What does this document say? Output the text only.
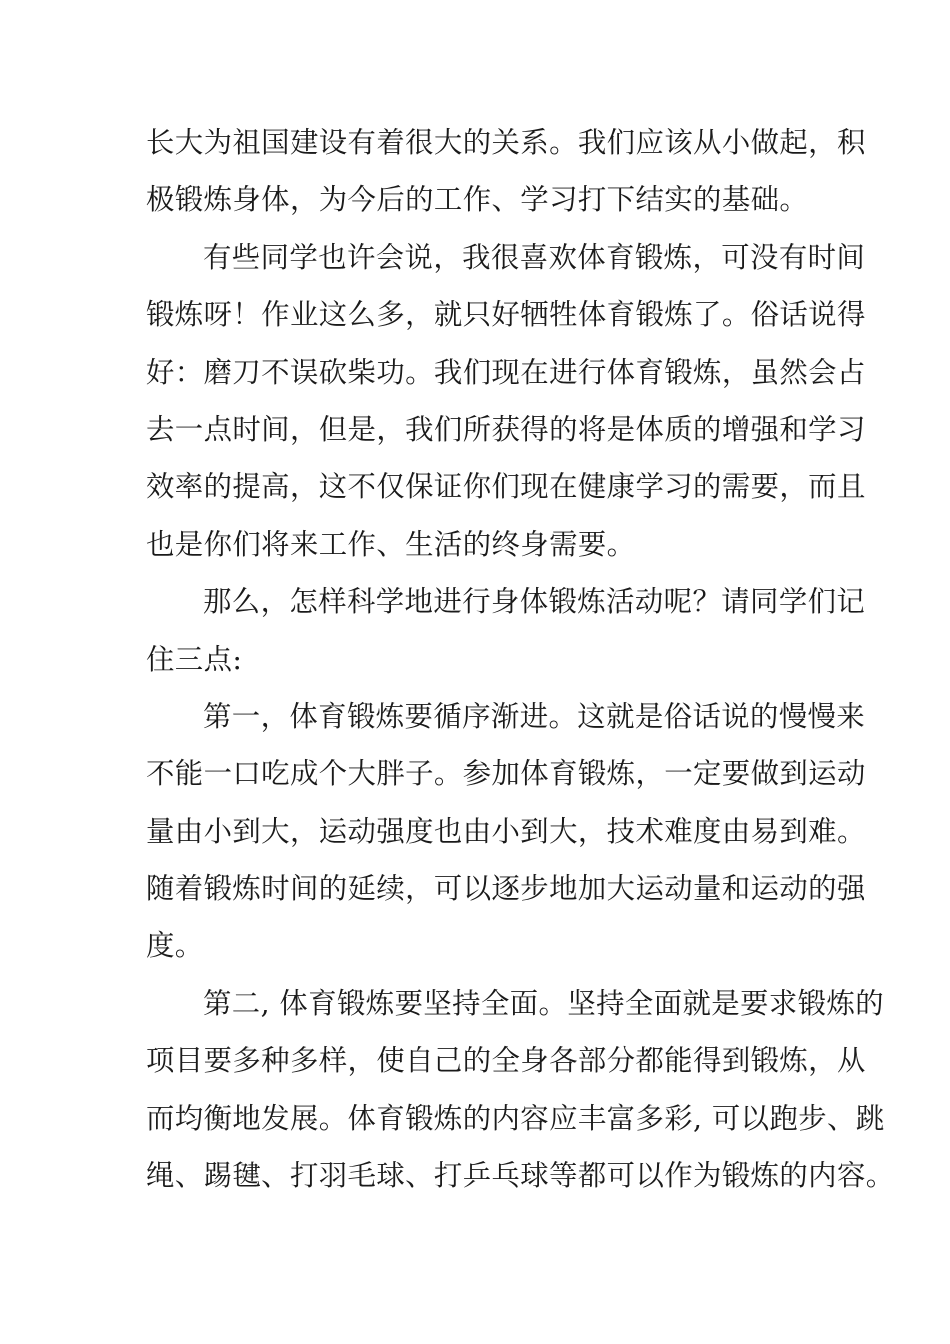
长大为祖国建设有着很大的关系。我们应该从小做起，积
极锻炼身体，为今后的工作、学习打下结实的基础。
有些同学也许会说，我很喜欢体育锻炼，可没有时间
锻炼呀！作业这么多，就只好牺牲体育锻炼了。俗话说得
好：磨刀不误砍柴功。我们现在进行体育锻炼，虽然会占
去一点时间，但是，我们所获得的将是体质的增强和学习
效率的提高，这不仅保证你们现在健康学习的需要，而且
也是你们将来工作、生活的终身需要。
那么，怎样科学地进行身体锻炼活动呢？请同学们记
住三点:
第一，体育锻炼要循序渐进。这就是俗话说的慢慢来
不能一口吃成个大胖子。参加体育锻炼，一定要做到运动
量由小到大，运动强度也由小到大，技术难度由易到难。
随着锻炼时间的延续，可以逐步地加大运动量和运动的强
度。
第二, 体育锻炼要坚持全面。坚持全面就是要求锻炼的
项目要多种多样，使自己的全身各部分都能得到锻炼，从
而均衡地发展。体育锻炼的内容应丰富多彩, 可以跑步、跳
绳、踢毽、打羽毛球、打乒乓球等都可以作为锻炼的内容。
